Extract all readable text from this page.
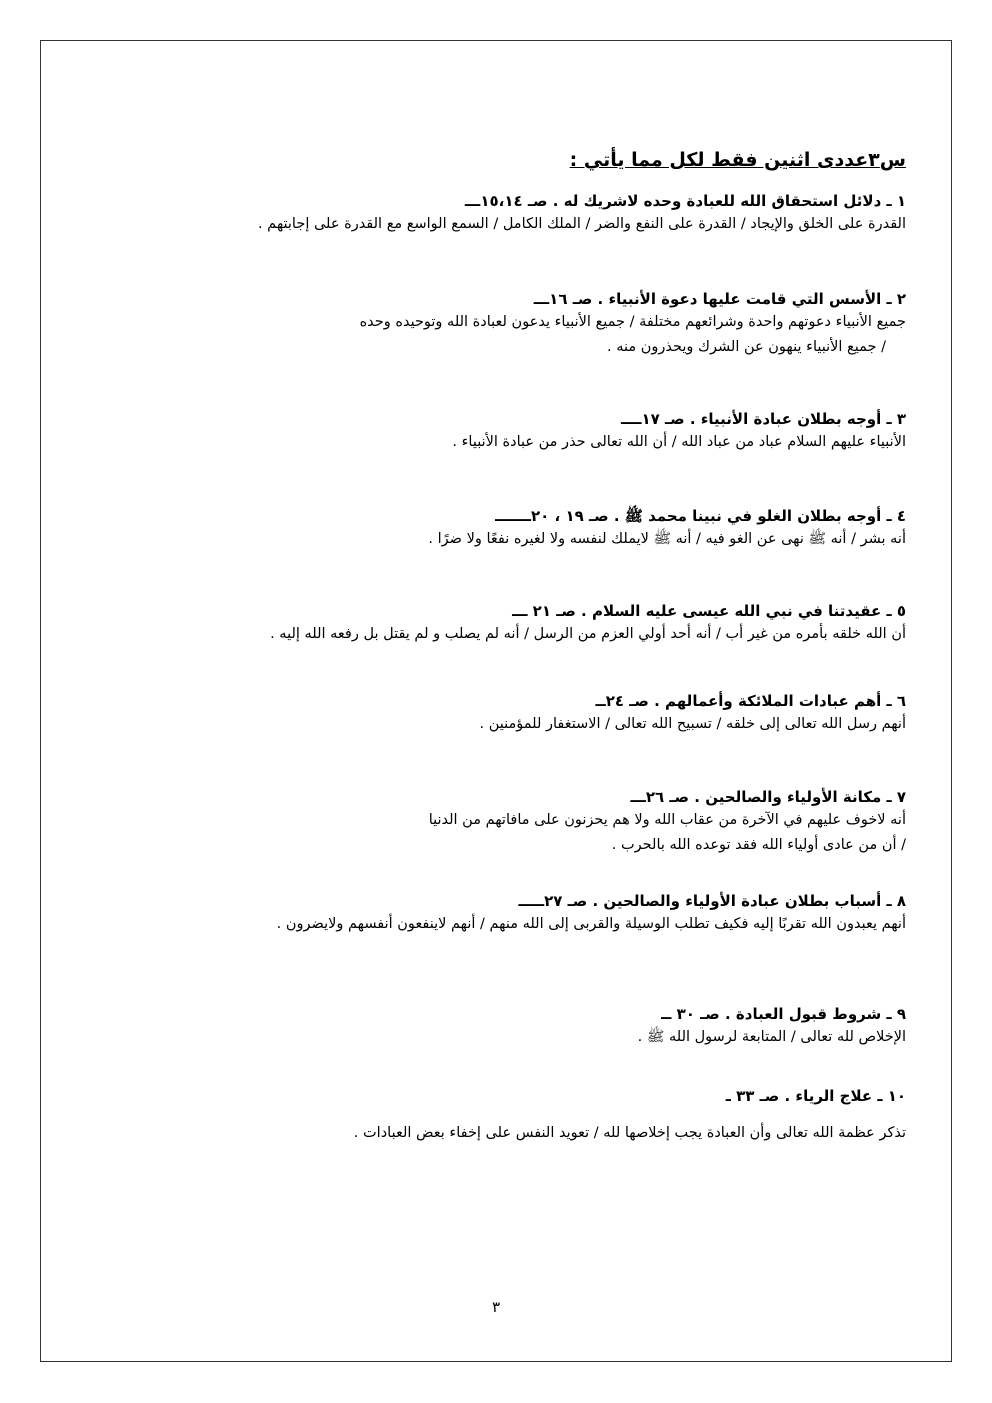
س٣عددى اثنين فقط لكل مما يأتي :

١ ـ دلائل استحقاق الله للعبادة وحده لاشريك له . صـ ١٥،١٤ـــ

القدرة على الخلق والإيجاد / القدرة على النفع والضر / الملك الكامل / السمع الواسع مع القدرة على إجابتهم .

٢ ـ الأسس التي قامت عليها دعوة الأنبياء . صـ ١٦ـــ

جميع الأنبياء دعوتهم واحدة وشرائعهم مختلفة / جميع الأنبياء يدعون لعبادة الله وتوحيده وحده

/ جميع الأنبياء ينهون عن الشرك ويحذرون منه .

٣ ـ أوجه بطلان عبادة الأنبياء . صـ ١٧ــــ

الأنبياء عليهم السلام عباد من عباد الله / أن الله تعالى حذر من عبادة الأنبياء .

٤ ـ أوجه بطلان الغلو في نبينا محمد ﷺ . صـ ١٩ ، ٢٠ـــــــ

أنه بشر / أنه ﷺ نهى عن الغو فيه / أنه ﷺ لايملك لنفسه ولا لغيره نفعًا ولا ضرًا .

٥ ـ عقيدتنا في نبي الله عيسى عليه السلام . صـ ٢١ ـــ

أن الله خلقه بأمره من غير أب / أنه أحد أولي العزم من الرسل / أنه لم يصلب و لم يقتل بل رفعه الله إليه .

٦ ـ أهم عبادات الملائكة وأعمالهم . صـ ٢٤ــ

أنهم رسل الله تعالى إلى خلقه / تسبيح الله تعالى / الاستغفار للمؤمنين .

٧ ـ مكانة الأولياء والصالحين . صـ ٢٦ـــ

أنه لاخوف عليهم في الآخرة من عقاب الله ولا هم يحزنون على مافاتهم من الدنيا

/ أن من عادى أولياء الله فقد توعده الله بالحرب .

٨ ـ أسباب بطلان عبادة الأولياء والصالحين . صـ ٢٧ـــــ

أنهم يعبدون الله تقربًا إليه فكيف تطلب الوسيلة والقربى إلى الله منهم / أنهم لاينفعون أنفسهم ولايضرون .

٩ ـ شروط قبول العبادة . صـ ٣٠ ــ

الإخلاص لله تعالى / المتابعة لرسول الله ﷺ .

١٠ ـ علاج الرياء . صـ ٣٣ ـ

تذكر عظمة الله تعالى وأن العبادة يجب إخلاصها لله / تعويد النفس على إخفاء بعض العبادات .

٣
